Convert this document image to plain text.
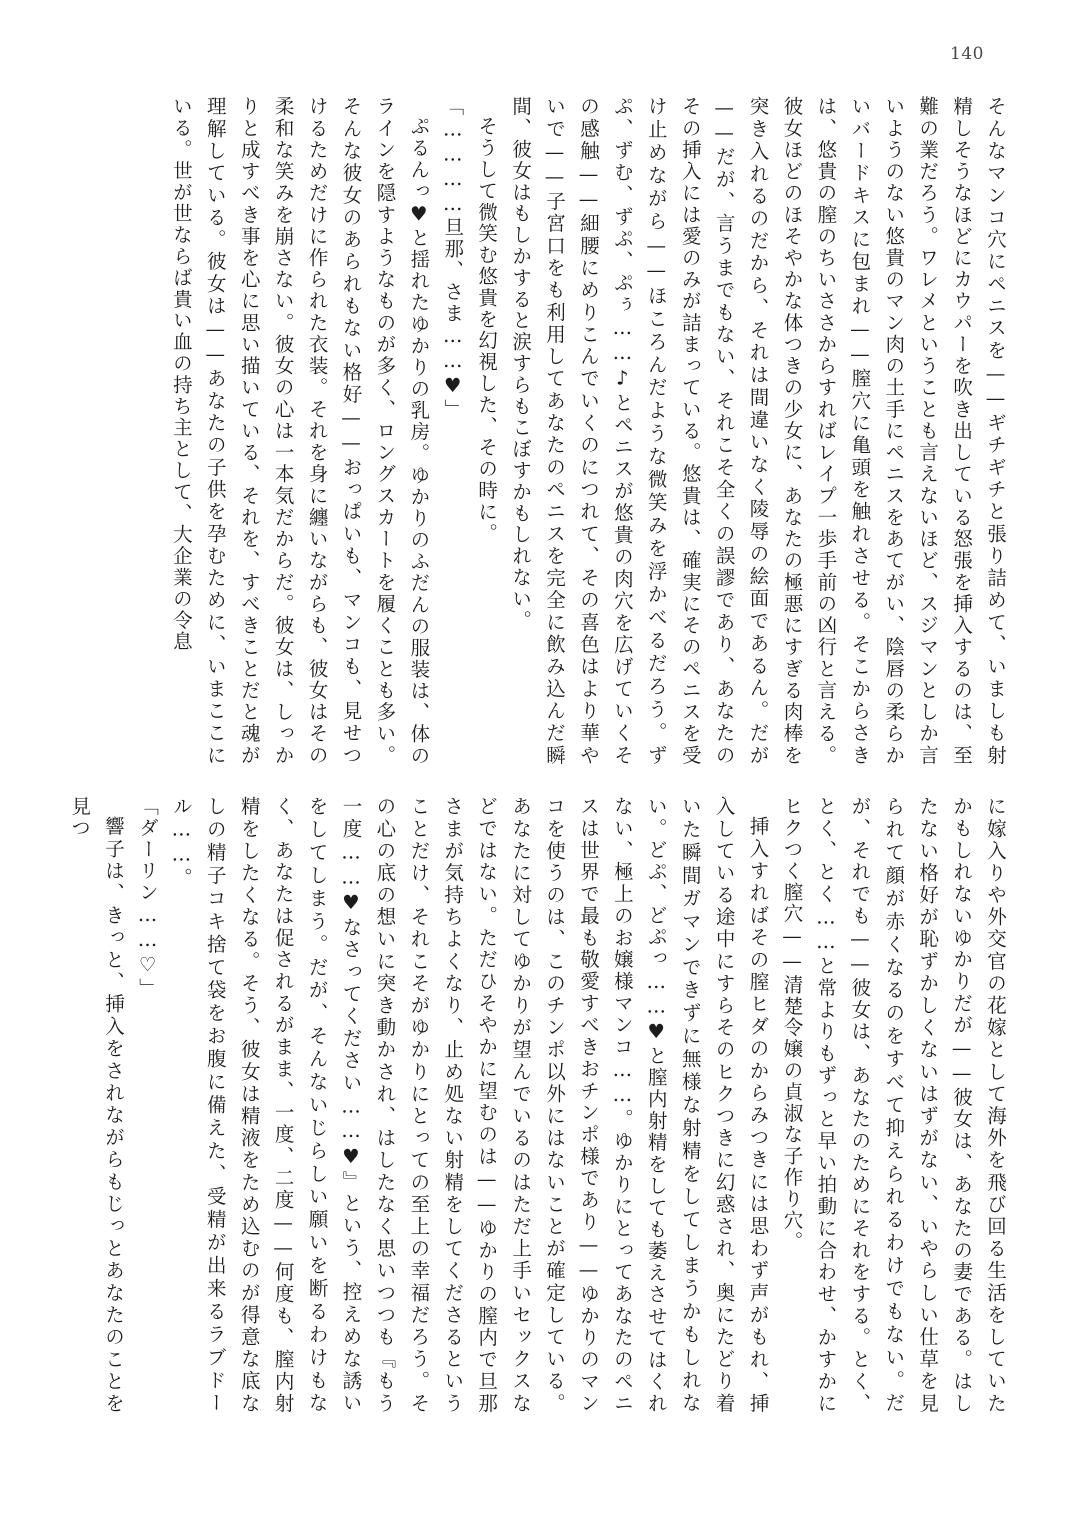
140

そんなマンコ穴にペニスを——ギチギチと張り詰めて、いましも射精しそうなほどにカウパーを吹き出している怒張を挿入するのは、至難の業だろう。ワレメということも言えないほど、スジマンとしか言いようのない悠貴のマン肉の土手にペニスをあてがい、陰唇の柔らかいバードキスに包まれ——膣穴に亀頭を触れさせる。そこからさきは、悠貴の膣のちいささからすればレイプ一歩手前の凶行と言える。彼女ほどのほそやかな体つきの少女に、あなたの極悪にすぎる肉棒を突き入れるのだから、それは間違いなく陵辱の絵面であるん。だが——だが、言うまでもない、それこそ全くの誤謬であり、あなたのその挿入には愛のみが詰まっている。悠貴は、確実にそのペニスを受け止めながら——ほころんだような微笑みを浮かべるだろう。ずぷ、ずむ、ずぷ、ぷぅ……♪とペニスが悠貴の肉穴を広げていくその感触——細腰にめりこんでいくのにつれて、その喜色はより華やいで——子宮口をも利用してあなたのペニスを完全に飲み込んだ瞬間、彼女はもしかすると涙すらもこぼすかもしれない。

そうして微笑む悠貴を幻視した、その時に。

「…………旦那、さま……♥」

ぷるんっ♥と揺れたゆかりの乳房。ゆかりのふだんの服装は、体のラインを隠すようなものが多く、ロングスカートを履くことも多い。そんな彼女のあられもない格好——おっぱいも、マンコも、見せつけるためだけに作られた衣装。それを身に纏いながらも、彼女はその柔和な笑みを崩さない。彼女の心は一本気だからだ。彼女は、しっかりと成すべき事を心に思い描いている、それを、すべきことだと魂が理解している。彼女は——あなたの子供を孕むために、いまここにいる。世が世ならば貴い血の持ち主として、大企業の令息

に嫁入りや外交官の花嫁として海外を飛び回る生活をしていたかもしれないゆかりだが——彼女は、あなたの妻である。はしたない格好が恥ずかしくないはずがない、いやらしい仕草を見られて顔が赤くなるのをすべて抑えられるわけでもない。だが、それでも——彼女は、あなたのためにそれをする。とく、とく、とく……と常よりもずっと早い拍動に合わせ、かすかにヒクつく膣穴——清楚令嬢の貞淑な子作り穴。

挿入すればその膣ヒダのからみつきには思わず声がもれ、挿入している途中にすらそのヒクつきに幻惑され、奥にたどり着いた瞬間ガマンできずに無様な射精をしてしまうかもしれない。どぷ、どぷっ……♥と膣内射精をしても萎えさせてはくれない、極上のお嬢様マンコ……。ゆかりにとってあなたのペニスは世界で最も敬愛すべきおチンポ様であり——ゆかりのマンコを使うのは、このチンポ以外にはないことが確定している。あなたに対してゆかりが望んでいるのはただ上手いセックスなどではない。ただひそやかに望むのは——ゆかりの膣内で旦那さまが気持ちよくなり、止め処ない射精をしてくださるということだけ、それこそがゆかりにとっての至上の幸福だろう。その心の底の想いに突き動かされ、はしたなく思いつつも『もう一度……♥なさってください……♥』という、控えめな誘いをしてしまう。だが、そんないじらしい願いを断るわけもなく、あなたは促されるがまま、一度、二度——何度も、膣内射精をしたくなる。そう、彼女は精液をため込むのが得意な底なしの精子コキ捨て袋をお腹に備えた、受精が出来るラブドール……。

「ダーリン……♡」

響子は、きっと、挿入をされながらもじっとあなたのことを見つ
